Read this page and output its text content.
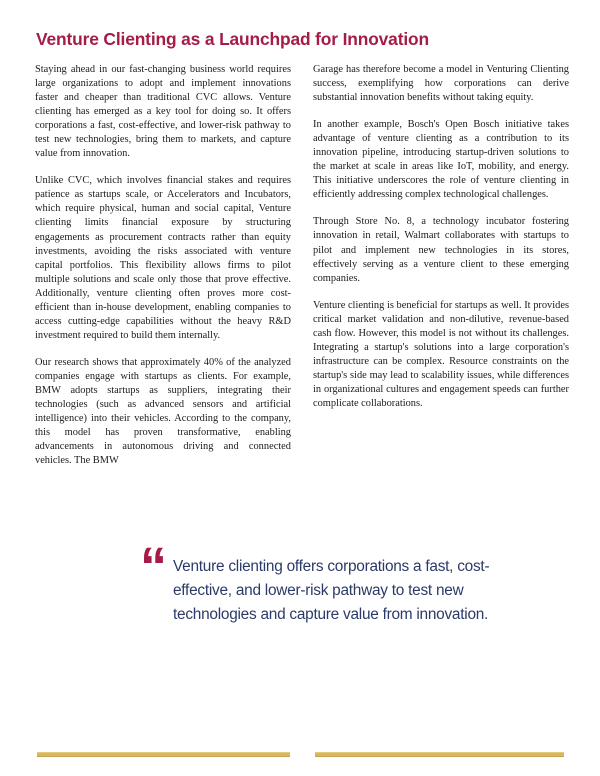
Venture Clienting as a Launchpad for Innovation

Staying ahead in our fast-changing business world requires large organizations to adopt and implement innovations faster and cheaper than traditional CVC allows. Venture clienting has emerged as a key tool for doing so. It offers corporations a fast, cost-effective, and lower-risk pathway to test new technologies, bring them to markets, and capture value from innovation.

Unlike CVC, which involves financial stakes and requires patience as startups scale, or Accelerators and Incubators, which require physical, human and social capital, Venture clienting limits financial exposure by structuring engagements as procurement contracts rather than equity investments, avoiding the risks associated with venture capital portfolios. This flexibility allows firms to pilot multiple solutions and scale only those that prove effective. Additionally, venture clienting often proves more cost-efficient than in-house development, enabling companies to access cutting-edge capabilities without the heavy R&D investment required to build them internally.

Our research shows that approximately 40% of the analyzed companies engage with startups as clients. For example, BMW adopts startups as suppliers, integrating their technologies (such as advanced sensors and artificial intelligence) into their vehicles. According to the company, this model has proven transformative, enabling advancements in autonomous driving and connected vehicles. The BMW

Garage has therefore become a model in Venturing Clienting success, exemplifying how corporations can derive substantial innovation benefits without taking equity.

In another example, Bosch's Open Bosch initiative takes advantage of venture clienting as a contribution to its innovation pipeline, introducing startup-driven solutions to the market at scale in areas like IoT, mobility, and energy. This initiative underscores the role of venture clienting in efficiently addressing complex technological challenges.

Through Store No. 8, a technology incubator fostering innovation in retail, Walmart collaborates with startups to pilot and implement new technologies in its stores, effectively serving as a venture client to these emerging companies.

Venture clienting is beneficial for startups as well. It provides critical market validation and non-dilutive, revenue-based cash flow. However, this model is not without its challenges. Integrating a startup's solutions into a large corporation's infrastructure can be complex. Resource constraints on the startup's side may lead to scalability issues, while differences in organizational cultures and engagement speeds can further complicate collaborations.

“ Venture clienting offers corporations a fast, cost-effective, and lower-risk pathway to test new technologies and capture value from innovation.
